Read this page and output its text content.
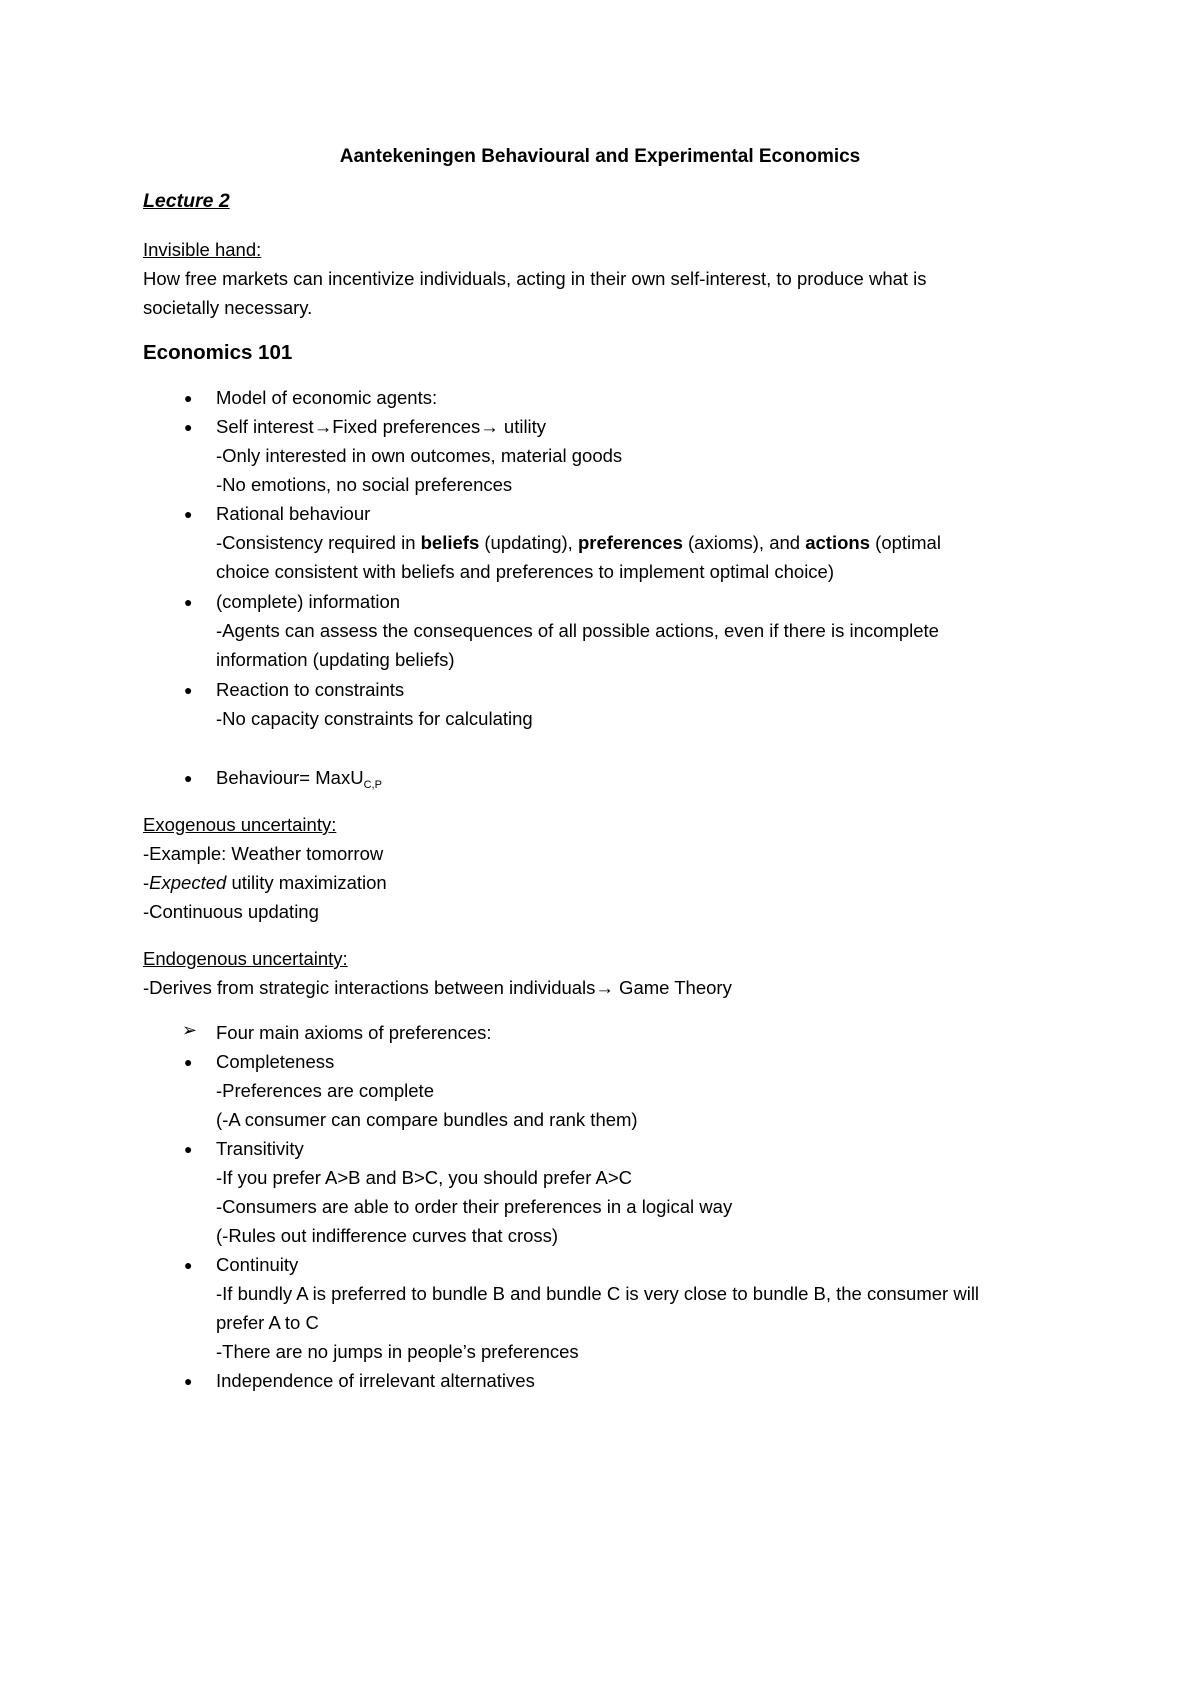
Aantekeningen Behavioural and Experimental Economics
Lecture 2
Invisible hand:
How free markets can incentivize individuals, acting in their own self-interest, to produce what is
societally necessary.
Economics 101
● Model of economic agents:
● Self interest→Fixed preferences→ utility
-Only interested in own outcomes, material goods
-No emotions, no social preferences
● Rational behaviour
-Consistency required in beliefs (updating), preferences (axioms), and actions (optimal
choice consistent with beliefs and preferences to implement optimal choice)
● (complete) information
-Agents can assess the consequences of all possible actions, even if there is incomplete
information (updating beliefs)
● Reaction to constraints
-No capacity constraints for calculating
● Behaviour= MaxU$_{C,P}$
Exogenous uncertainty:
-Example: Weather tomorrow
-Expected utility maximization
-Continuous updating
Endogenous uncertainty:
-Derives from strategic interactions between individuals→ Game Theory
➢ Four main axioms of preferences:
● Completeness
-Preferences are complete
(-A consumer can compare bundles and rank them)
● Transitivity
-If you prefer A>B and B>C, you should prefer A>C
-Consumers are able to order their preferences in a logical way
(-Rules out indifference curves that cross)
● Continuity
-If bundly A is preferred to bundle B and bundle C is very close to bundle B, the consumer will
prefer A to C
-There are no jumps in people’s preferences
● Independence of irrelevant alternatives
